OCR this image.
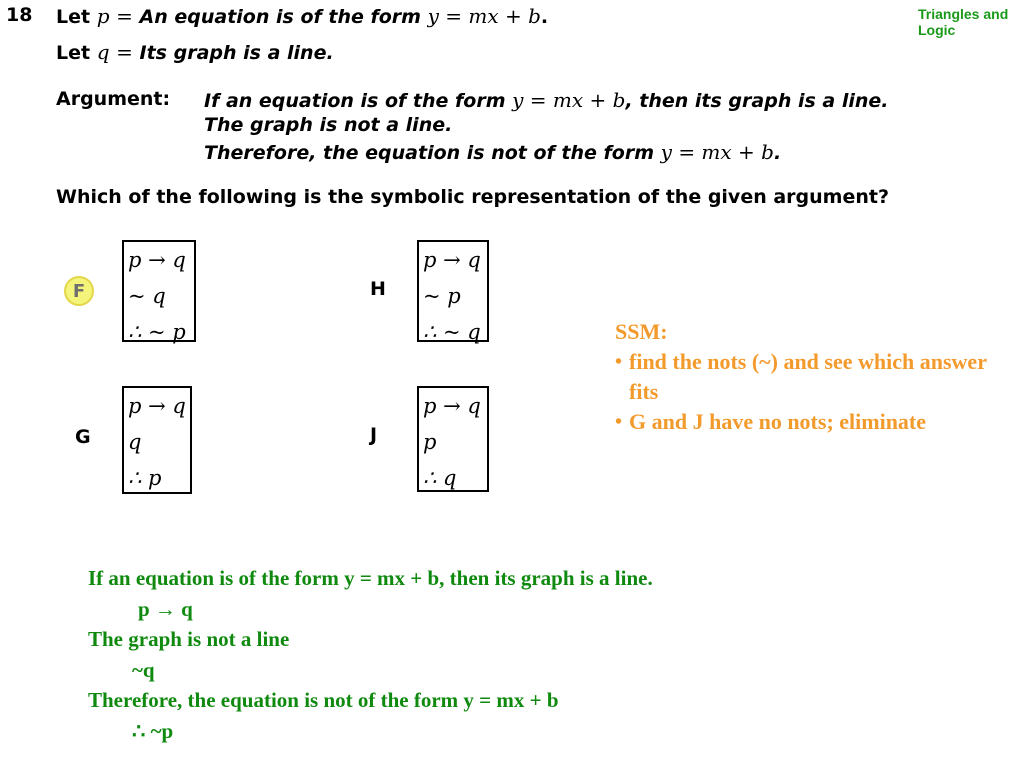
18	Triangles and Logic
Let p = An equation is of the form y = mx + b.
Let q = Its graph is a line.
Argument: If an equation is of the form y = mx + b, then its graph is a line.
The graph is not a line.
Therefore, the equation is not of the form y = mx + b.
Which of the following is the symbolic representation of the given argument?
F
p → q
~ q
∴ ~ p
G
p → q
q
∴ p
H
p → q
~ p
∴ ~ q
J
p → q
p
∴ q
SSM:
• find the nots (~) and see which answer fits
• G and J have no nots; eliminate
If an equation is of the form y = mx + b, then its graph is a line.
p → q
The graph is not a line
~q
Therefore, the equation is not of the form y = mx + b
∴ ~p
